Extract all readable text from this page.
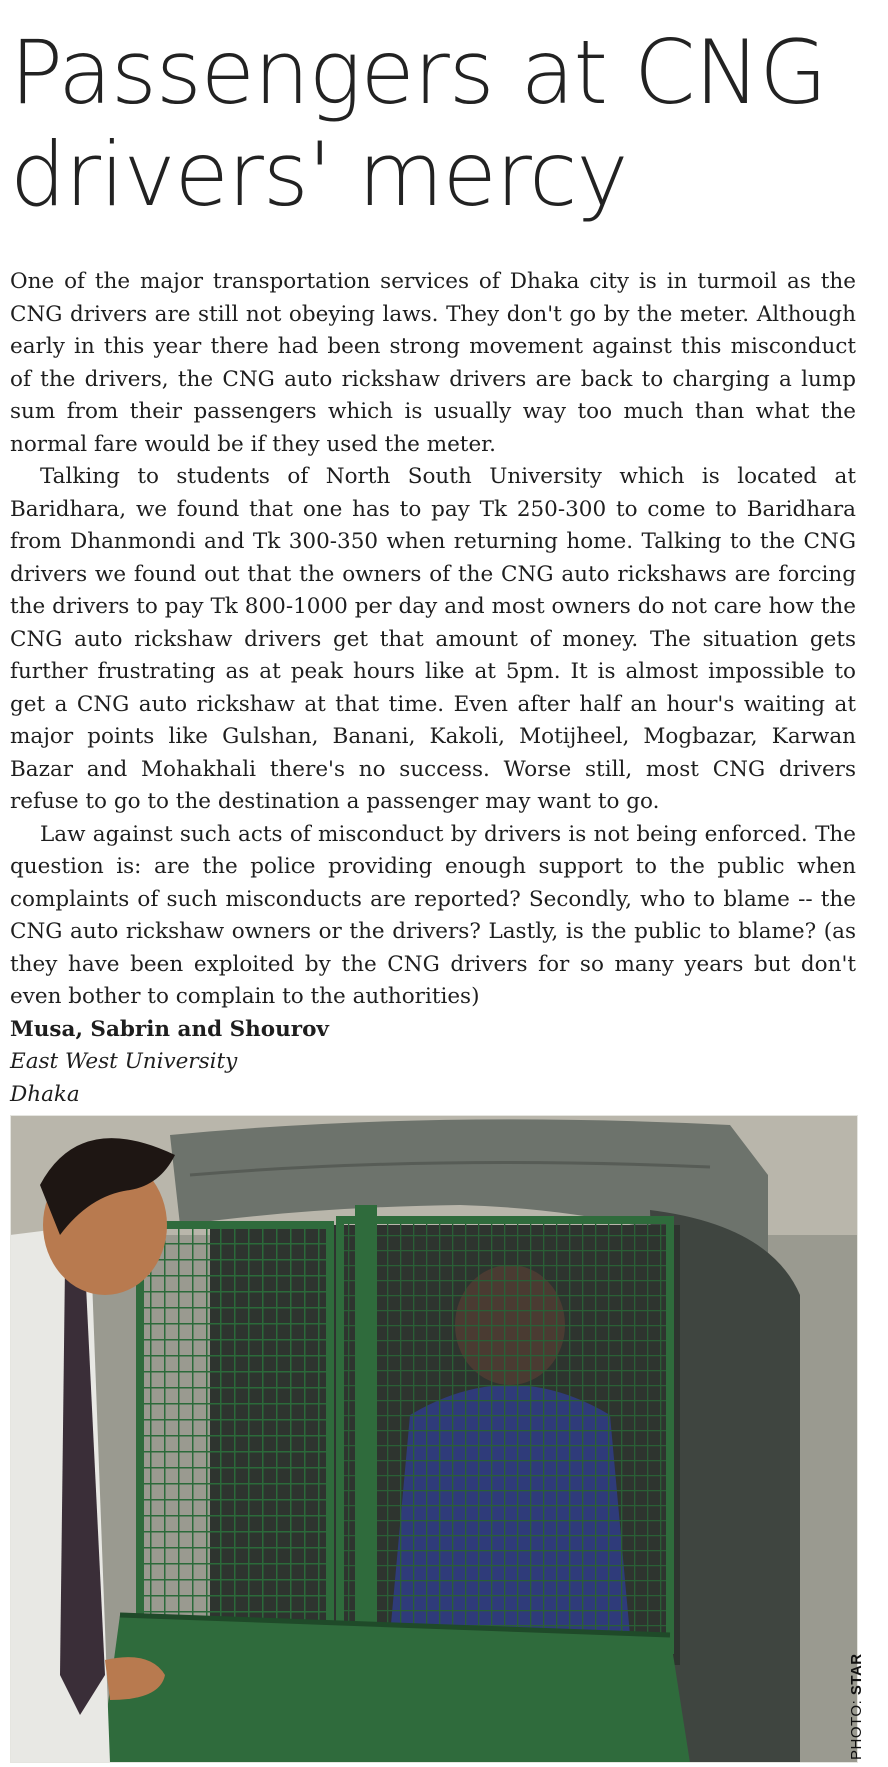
Passengers at CNG
drivers' mercy

One of the major transportation services of Dhaka city is in turmoil as the CNG drivers are still not obeying laws. They don't go by the meter. Although early in this year there had been strong movement against this misconduct of the drivers, the CNG auto rickshaw drivers are back to charging a lump sum from their passengers which is usually way too much than what the normal fare would be if they used the meter.

Talking to students of North South University which is located at Baridhara, we found that one has to pay Tk 250-300 to come to Baridhara from Dhanmondi and Tk 300-350 when returning home. Talking to the CNG drivers we found out that the owners of the CNG auto rickshaws are forcing the drivers to pay Tk 800-1000 per day and most owners do not care how the CNG auto rickshaw drivers get that amount of money. The situation gets further frustrating as at peak hours like at 5pm. It is almost impossible to get a CNG auto rickshaw at that time. Even after half an hour's waiting at major points like Gulshan, Banani, Kakoli, Motijheel, Mogbazar, Karwan Bazar and Mohakhali there's no success. Worse still, most CNG drivers refuse to go to the destination a passenger may want to go.

Law against such acts of misconduct by drivers is not being enforced. The question is: are the police providing enough support to the public when complaints of such misconducts are reported? Secondly, who to blame -- the CNG auto rickshaw owners or the drivers? Lastly, is the public to blame? (as they have been exploited by the CNG drivers for so many years but don't even bother to complain to the authorities)

Musa, Sabrin and Shourov
East West University
Dhaka
PHOTO: STAR
